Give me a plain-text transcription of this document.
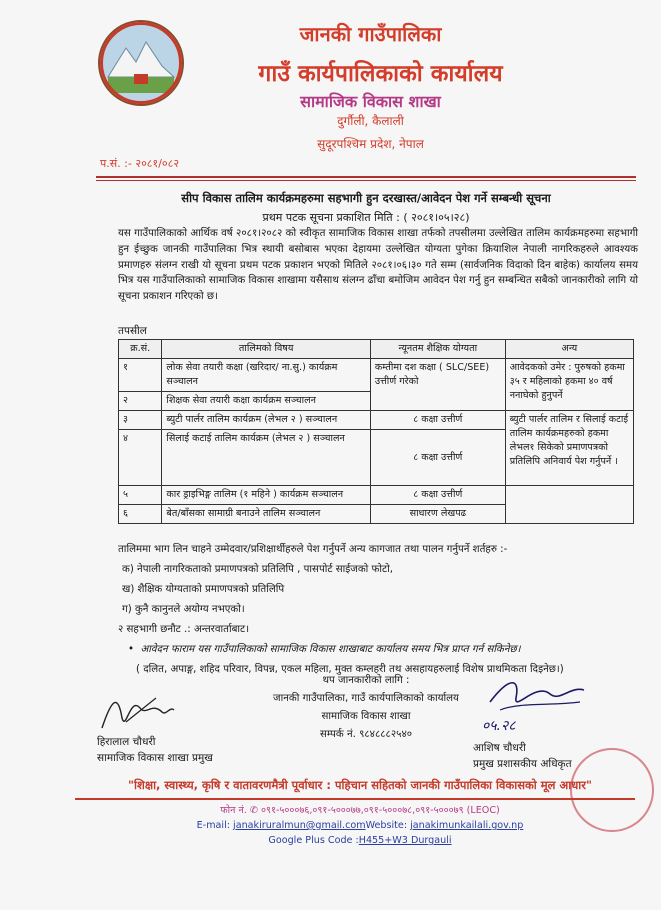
जानकी गाउँपालिका
गाउँ कार्यपालिकाको कार्यालय
सामाजिक विकास शाखा
दुर्गौली, कैलाली
सुदूरपश्चिम प्रदेश, नेपाल
प.सं. :- २०८१/०८२
सीप विकास तालिम कार्यक्रमहरुमा सहभागी हुन दरखास्त/आवेदन पेश गर्ने सम्बन्धी सूचना
प्रथम पटक सूचना प्रकाशित मिति : ( २०८१।०५।२८)
यस गाउँपालिकाको आर्थिक वर्ष २०८१।२०८२ को स्वीकृत सामाजिक विकास शाखा तर्फको तपसीलमा उल्लेखित तालिम कार्यक्रमहरुमा सहभागी हुन ईच्छुक जानकी गाउँपालिका भित्र स्थायी बसोबास भएका देहायमा उल्लेखित योग्यता पुगेका क्रियाशिल नेपाली नागरिकहरुले आवश्यक प्रमाणहरु संलग्न राखी यो सूचना प्रथम पटक प्रकाशन भएको मितिले २०८१।०६।३० गते सम्म (सार्वजनिक विदाको दिन बाहेक) कार्यालय समय भित्र यस गाउँपालिकाको सामाजिक विकास शाखामा यसैसाथ संलग्न ढाँचा बमोजिम आवेदन पेश गर्नु हुन सम्बन्धित सबैको जानकारीको लागि यो सूचना प्रकाशन गरिएको छ।
तपसील
क्र.सं.	तालिमको विषय	न्यूनतम शैक्षिक योग्यता	अन्य
१	लोक सेवा तयारी कक्षा (खरिदार/ ना.सु.) कार्यक्रम सञ्चालन	कम्तीमा दश कक्षा ( SLC/SEE) उत्तीर्ण गरेको	आवेदकको उमेर : पुरुषको हकमा ३५ र महिलाको हकमा ४० वर्ष ननाघेको हुनुपर्ने
२	शिक्षक सेवा तयारी कक्षा कार्यक्रम सञ्चालन		
३	ब्युटी पार्लर तालिम कार्यक्रम (लेभल २ ) सञ्चालन	८ कक्षा उत्तीर्ण	ब्युटी पार्लर तालिम र सिलाई कटाई तालिम कार्यक्रमहरुको हकमा लेभल१ सिकेको प्रमाणपत्रको प्रतिलिपि अनिवार्य पेश गर्नुपर्ने ।
४	सिलाई कटाई तालिम कार्यक्रम (लेभल २ ) सञ्चालन	८ कक्षा उत्तीर्ण	
५	कार ड्राइभिङ्ग तालिम (१ महिने ) कार्यक्रम सञ्चालन	८ कक्षा उत्तीर्ण	
६	बेत/बाँसका सामाग्री बनाउने तालिम सञ्चालन	साधारण लेखपढ	
तालिममा भाग लिन चाहने उम्मेदवार/प्रशिक्षार्थीहरुले पेश गर्नुपर्ने अन्य कागजात तथा पालन गर्नुपर्ने शर्तहरु :-
क) नेपाली नागरिकताको प्रमाणपत्रको प्रतिलिपि , पासपोर्ट साईजको फोटो,
ख) शैक्षिक योग्यताको प्रमाणपत्रको प्रतिलिपि
ग) कुनै कानुनले अयोग्य नभएको।
२ सहभागी छनौट .: अन्तरवार्ताबाट।
•  आवेदन फाराम यस गाउँपालिकाको सामाजिक विकास शाखाबाट कार्यालय समय भित्र प्राप्त गर्न सकिनेछ।
( दलित, अपाङ्ग, शहिद परिवार, विपन्न, एकल महिला, मुक्त कम्लहरी तथ असहायहरुलाई विशेष प्राथमिकता दिइनेछ।)
थप जानकारीको लागि :
जानकी गाउँपालिका, गाउँ कार्यपालिकाको कार्यालय
सामाजिक विकास शाखा
सम्पर्क नं. ९८४८८८२५४०
हिरालाल चौधरी
सामाजिक विकास शाखा प्रमुख
०५.२८
आशिष चौधरी
प्रमुख प्रशासकीय अधिकृत
"शिक्षा, स्वास्थ्य, कृषि र वातावरणमैत्री पूर्वाधार : पहिचान सहितको जानकी गाउँपालिका विकासको मूल आधार"
फोन नं. ✆ ०९१-५०००७६,०९१-५०००७७,०९१-५०००७८,०९१-५०००७९ (LEOC)
E-mail: janakiruralmun@gmail.comWebsite: janakimunkailali.gov.np
Google Plus Code :H455+W3 Durgauli
